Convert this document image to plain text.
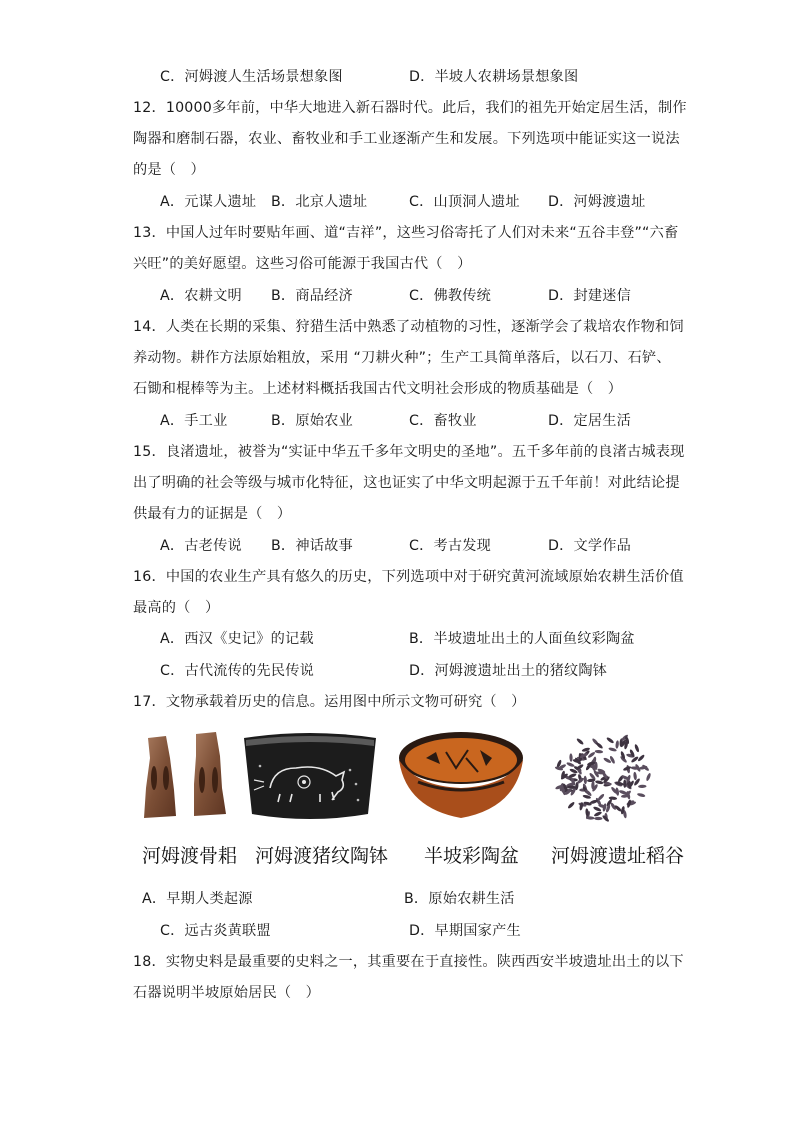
C．河姆渡人生活场景想象图	D．半坡人农耕场景想象图
12．10000多年前，中华大地进入新石器时代。此后，我们的祖先开始定居生活，制作
陶器和磨制石器，农业、畜牧业和手工业逐渐产生和发展。下列选项中能证实这一说法
的是（　）
A．元谋人遗址 B．北京人遗址	C．山顶洞人遗址 D．河姆渡遗址
13．中国人过年时要贴年画、道“吉祥”，这些习俗寄托了人们对未来“五谷丰登”“六畜
兴旺”的美好愿望。这些习俗可能源于我国古代（　）
A．农耕文明 B．商品经济	C．佛教传统	D．封建迷信
14．人类在长期的采集、狩猎生活中熟悉了动植物的习性，逐渐学会了栽培农作物和饲
养动物。耕作方法原始粗放，采用 “刀耕火种”；生产工具简单落后，以石刀、石铲、
石锄和棍棒等为主。上述材料概括我国古代文明社会形成的物质基础是（　）
A．手工业	B．原始农业	C．畜牧业	D．定居生活
15．良渚遗址，被誉为“实证中华五千多年文明史的圣地”。五千多年前的良渚古城表现
出了明确的社会等级与城市化特征，这也证实了中华文明起源于五千年前！对此结论提
供最有力的证据是（　）
A．古老传说 B．神话故事	C．考古发现	D．文学作品
16．中国的农业生产具有悠久的历史，下列选项中对于研究黄河流域原始农耕生活价值
最高的（　）
A．西汉《史记》的记载	B．半坡遗址出土的人面鱼纹彩陶盆
C．古代流传的先民传说	D．河姆渡遗址出土的猪纹陶钵
17．文物承载着历史的信息。运用图中所示文物可研究（　）
河姆渡骨耜 河姆渡猪纹陶钵 半坡彩陶盆 河姆渡遗址稻谷
A．早期人类起源	B．原始农耕生活
C．远古炎黄联盟	D．早期国家产生
18．实物史料是最重要的史料之一，其重要在于直接性。陕西西安半坡遗址出土的以下
石器说明半坡原始居民（　）
